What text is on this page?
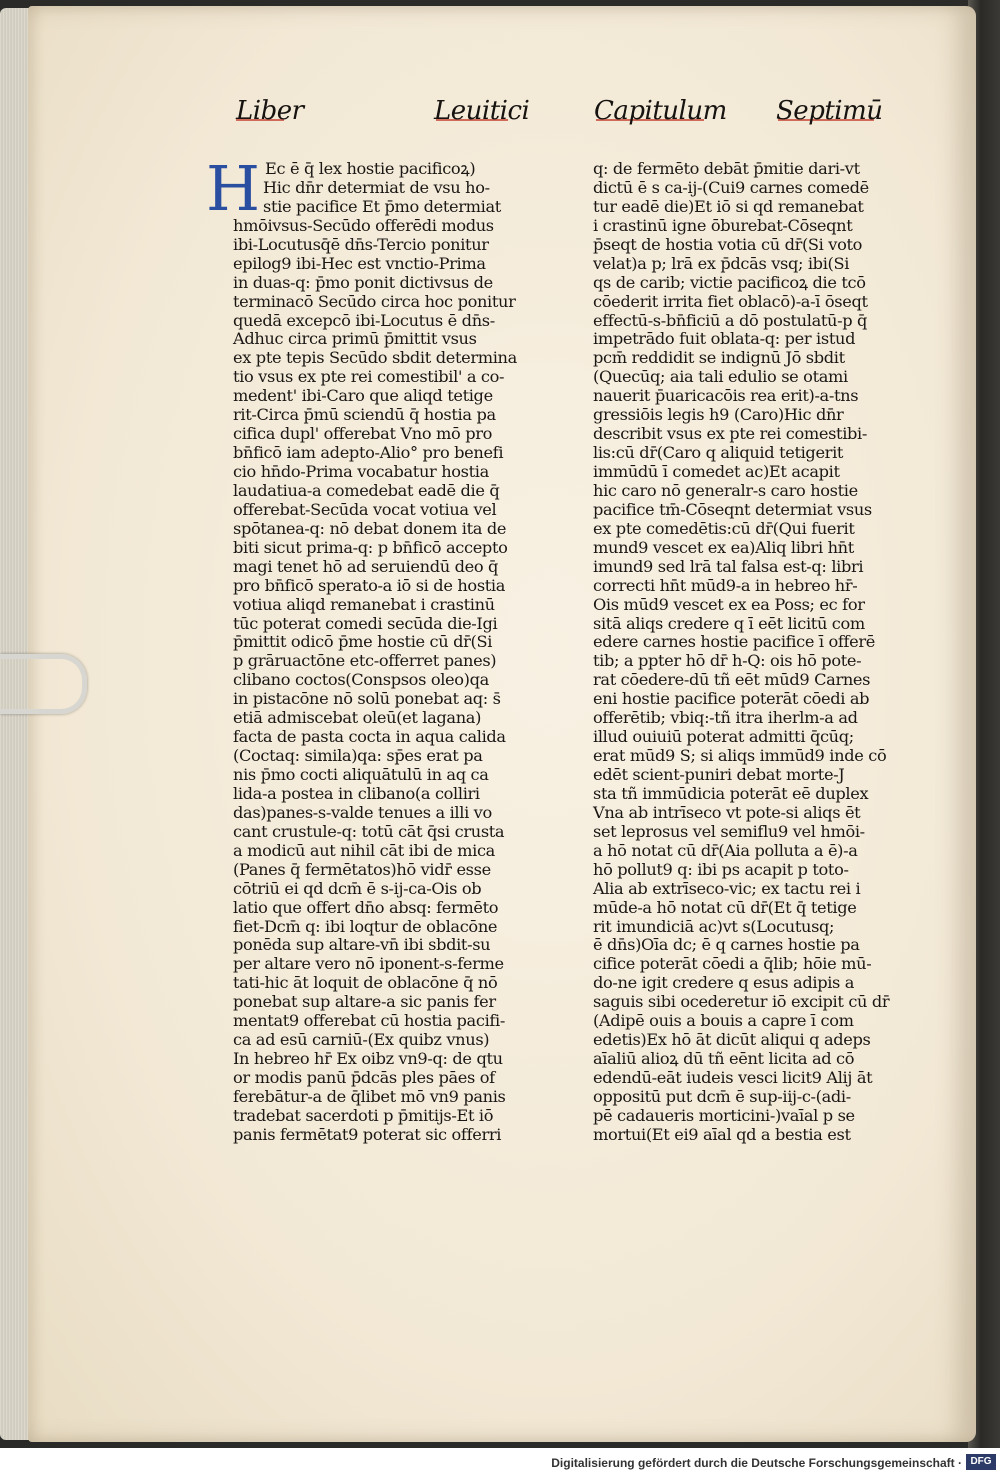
Liber	Leuitici Capitulum Septimū
H Ec ē q̄ lex hostie pacificoꝝ)
Hic dn̄r determiat de vsu ho-
stie pacifice Et p̄mo determiat
hmōivsus-Secūdo offerēdi modus
ibi-Locutusq̄ē dn̄s-Tercio ponitur
epilog9 ibi-Hec est vnctio-Prima
in duas-q: p̄mo ponit dictivsus de
terminacō Secūdo circa hoc ponitur
quedā excepcō ibi-Locutus ē dn̄s-
Adhuc circa primū p̄mittit vsus
ex pte tepis Secūdo sbdit determina
tio vsus ex pte rei comestibil' a co-
medent' ibi-Caro que aliqd tetige
rit-Circa p̄mū sciendū q̄ hostia pa
cifica dupl' offerebat Vno mō pro
bn̄ficō iam adepto-Alio° pro benefi
cio hn̄do-Prima vocabatur hostia
laudatiua-a comedebat eadē die q̄
offerebat-Secūda vocat votiua vel
spōtanea-q: nō debat donem ita de
biti sicut prima-q: p bn̄ficō accepto
magi tenet hō ad seruiendū deo q̄
pro bn̄ficō sperato-a iō si de hostia
votiua aliqd remanebat i crastinū
tūc poterat comedi secūda die-Igi
p̄mittit odicō p̄me hostie cū dr̄(Si
p grāruactōne etc-offerret panes)
clibano coctos(Conspsos oleo)qa
in pistacōne nō solū ponebat aq: s̄
etiā admiscebat oleū(et lagana)
facta de pasta cocta in aqua calida
(Coctaq: simila)qa: sp̄es erat pa
nis p̄mo cocti aliquātulū in aq ca
lida-a postea in clibano(a colliri
das)panes-s-valde tenues a illi vo
cant crustule-q: totū cāt q̄si crusta
a modicū aut nihil cāt ibi de mica
(Panes q̄ fermētatos)hō vidr̄ esse
cōtriū ei qd dcm̄ ē s-ij-ca-Ois ob
latio que offert dn̄o absq: fermēto
fiet-Dcm̄ q: ibi loqtur de oblacōne
ponēda sup altare-vn̄ ibi sbdit-su
per altare vero nō iponent-s-ferme
tati-hic āt loquit de oblacōne q̄ nō
ponebat sup altare-a sic panis fer
mentat9 offerebat cū hostia pacifi-
ca ad esū carniū-(Ex quibz vnus)
In hebreo hr̄ Ex oibz vn9-q: de qtu
or modis panū p̄dcās ples pāes of
ferebātur-a de q̄libet mō vn9 panis
tradebat sacerdoti p p̄mitijs-Et iō
panis fermētat9 poterat sic offerri
q: de fermēto debāt p̄mitie dari-vt
dictū ē s ca-ij-(Cui9 carnes comedē
tur eadē die)Et iō si qd remanebat
i crastinū igne ōburebat-Cōseqnt
p̄seqt de hostia votia cū dr̄(Si voto
velat)a p; lrā ex p̄dcās vsq; ibi(Si
qs de carib; victie pacificoꝝ die tcō
cōederit irrita fiet oblacō)-a-ī ōseqt
effectū-s-bn̄ficiū a dō postulatū-p q̄
impetrādo fuit oblata-q: per istud
pcm̄ reddidit se indignū Jō sbdit
(Quecūq; aia tali edulio se otami
nauerit p̄uaricacōis rea erit)-a-tns
gressiōis legis h9 (Caro)Hic dn̄r
describit vsus ex pte rei comestibi-
lis:cū dr̄(Caro q aliquid tetigerit
immūdū ī comedet ac)Et acapit
hic caro nō generalr-s caro hostie
pacifice tm̄-Cōseqnt determiat vsus
ex pte comedētis:cū dr̄(Qui fuerit
mund9 vescet ex ea)Aliq libri hn̄t
imund9 sed lrā tal falsa est-q: libri
correcti hn̄t mūd9-a in hebreo hr̄-
Ois mūd9 vescet ex ea Poss; ec for
sitā aliqs credere q ī eēt licitū com
edere carnes hostie pacifice ī offerē
tib; a ppter hō dr̄ h-Q: ois hō pote-
rat cōedere-dū tñ eēt mūd9 Carnes
eni hostie pacifice poterāt cōedi ab
offerētib; vbiq:-tñ itra iherlm-a ad
illud ouiuiū poterat admitti q̄cūq;
erat mūd9 S; si aliqs immūd9 inde cō
edēt scient-puniri debat morte-J
sta tñ immūdicia poterāt eē duplex
Vna ab intrīseco vt pote-si aliqs ēt
set leprosus vel semiflu9 vel hmōi-
a hō notat cū dr̄(Aia polluta a ē)-a
hō pollut9 q: ibi ps acapit p toto-
Alia ab extrīseco-vic; ex tactu rei i
mūde-a hō notat cū dr̄(Et q̄ tetige
rit imundiciā ac)vt s(Locutusq;
ē dn̄s)Oīa dc; ē q carnes hostie pa
cifice poterāt cōedi a q̄lib; hōie mū-
do-ne igit credere q esus adipis a
saguis sibi ocederetur iō excipit cū dr̄
(Adipē ouis a bouis a capre ī com
edetis)Ex hō āt dicūt aliqui q adeps
aīaliū alioꝝ dū tñ eēnt licita ad cō
edendū-eāt iudeis vesci licit9 Alij āt
oppositū put dcm̄ ē sup-iij-c-(adi-
pē cadaueris morticini-)vaīal p se
mortui(Et ei9 aīal qd a bestia est
Digitalisierung gefördert durch die Deutsche Forschungsgemeinschaft · DFG
